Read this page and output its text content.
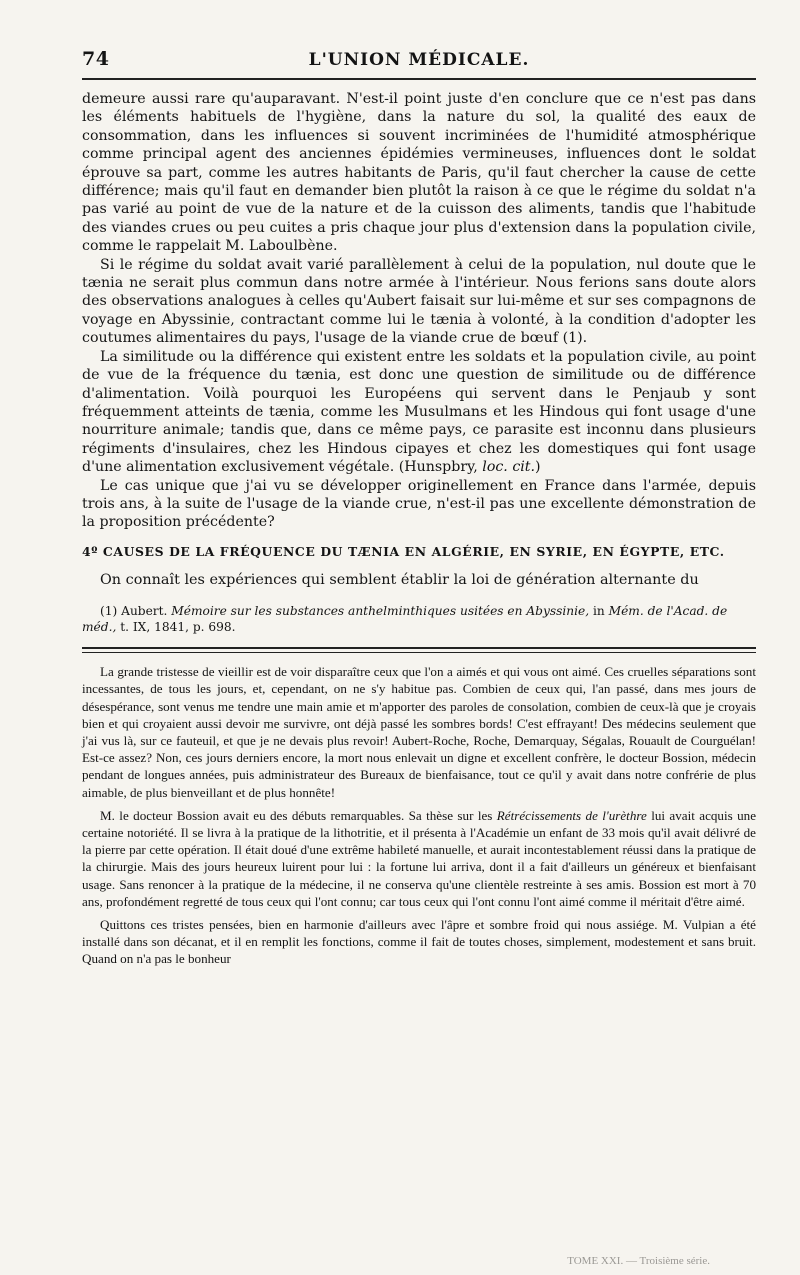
74	L'UNION MÉDICALE.

demeure aussi rare qu'auparavant. N'est-il point juste d'en conclure que ce n'est pas dans les éléments habituels de l'hygiène, dans la nature du sol, la qualité des eaux de consommation, dans les influences si souvent incriminées de l'humidité atmosphérique comme principal agent des anciennes épidémies vermineuses, influences dont le soldat éprouve sa part, comme les autres habitants de Paris, qu'il faut chercher la cause de cette différence; mais qu'il faut en demander bien plutôt la raison à ce que le régime du soldat n'a pas varié au point de vue de la nature et de la cuisson des aliments, tandis que l'habitude des viandes crues ou peu cuites a pris chaque jour plus d'extension dans la population civile, comme le rappelait M. Laboulbène.

Si le régime du soldat avait varié parallèlement à celui de la population, nul doute que le tænia ne serait plus commun dans notre armée à l'intérieur. Nous ferions sans doute alors des observations analogues à celles qu'Aubert faisait sur lui-même et sur ses compagnons de voyage en Abyssinie, contractant comme lui le tænia à volonté, à la condition d'adopter les coutumes alimentaires du pays, l'usage de la viande crue de bœuf (1).

La similitude ou la différence qui existent entre les soldats et la population civile, au point de vue de la fréquence du tænia, est donc une question de similitude ou de différence d'alimentation. Voilà pourquoi les Européens qui servent dans le Penjaub y sont fréquemment atteints de tænia, comme les Musulmans et les Hindous qui font usage d'une nourriture animale; tandis que, dans ce même pays, ce parasite est inconnu dans plusieurs régiments d'insulaires, chez les Hindous cipayes et chez les domestiques qui font usage d'une alimentation exclusivement végétale. (Hunspbry, loc. cit.)

Le cas unique que j'ai vu se développer originellement en France dans l'armée, depuis trois ans, à la suite de l'usage de la viande crue, n'est-il pas une excellente démonstration de la proposition précédente?

4º CAUSES DE LA FRÉQUENCE DU TÆNIA EN ALGÉRIE, EN SYRIE, EN ÉGYPTE, ETC.
On connaît les expériences qui semblent établir la loi de génération alternante du
(1) Aubert. Mémoire sur les substances anthelminthiques usitées en Abyssinie, in Mém. de l'Acad. de méd., t. IX, 1841, p. 698.

La grande tristesse de vieillir est de voir disparaître ceux que l'on a aimés et qui vous ont aimé. Ces cruelles séparations sont incessantes, de tous les jours, et, cependant, on ne s'y habitue pas. Combien de ceux qui, l'an passé, dans mes jours de désespérance, sont venus me tendre une main amie et m'apporter des paroles de consolation, combien de ceux-là que je croyais bien et qui croyaient aussi devoir me survivre, ont déjà passé les sombres bords! C'est effrayant! Des médecins seulement que j'ai vus là, sur ce fauteuil, et que je ne devais plus revoir! Aubert-Roche, Roche, Demarquay, Ségalas, Rouault de Courguélan! Est-ce assez? Non, ces jours derniers encore, la mort nous enlevait un digne et excellent confrère, le docteur Bossion, médecin pendant de longues années, puis administrateur des Bureaux de bienfaisance, tout ce qu'il y avait dans notre confrérie de plus aimable, de plus bienveillant et de plus honnête!

M. le docteur Bossion avait eu des débuts remarquables. Sa thèse sur les Rétrécissements de l'urèthre lui avait acquis une certaine notoriété. Il se livra à la pratique de la lithotritie, et il présenta à l'Académie un enfant de 33 mois qu'il avait délivré de la pierre par cette opération. Il était doué d'une extrême habileté manuelle, et aurait incontestablement réussi dans la pratique de la chirurgie. Mais des jours heureux luirent pour lui : la fortune lui arriva, dont il a fait d'ailleurs un généreux et bienfaisant usage. Sans renoncer à la pratique de la médecine, il ne conserva qu'une clientèle restreinte à ses amis. Bossion est mort à 70 ans, profondément regretté de tous ceux qui l'ont connu; car tous ceux qui l'ont connu l'ont aimé comme il méritait d'être aimé.

Quittons ces tristes pensées, bien en harmonie d'ailleurs avec l'âpre et sombre froid qui nous assiége. M. Vulpian a été installé dans son décanat, et il en remplit les fonctions, comme il fait de toutes choses, simplement, modestement et sans bruit. Quand on n'a pas le bonheur

TOME XXI. — Troisième série.
